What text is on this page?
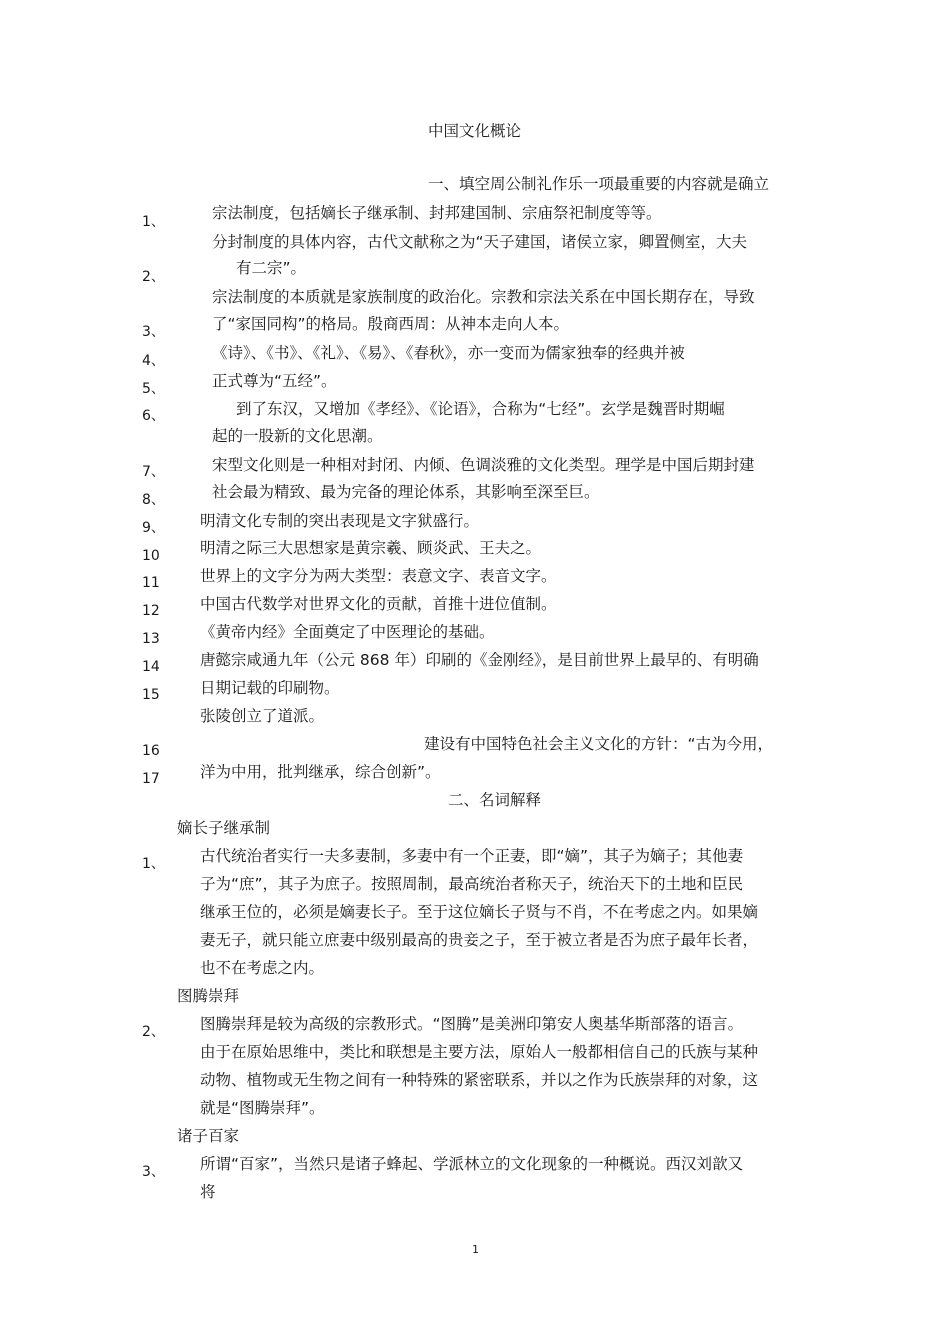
中国文化概论
一、填空周公制礼作乐一项最重要的内容就是确立
宗法制度，包括嫡长子继承制、封邦建国制、宗庙祭祀制度等等。
分封制度的具体内容，古代文献称之为“天子建国，诸侯立家，卿置侧室，大夫
有二宗”。
宗法制度的本质就是家族制度的政治化。宗教和宗法关系在中国长期存在，导致
了“家国同构”的格局。殷商西周：从神本走向人本。
《诗》、《书》、《礼》、《易》、《春秋》，亦一变而为儒家独奉的经典并被
正式尊为“五经”。
到了东汉，又增加《孝经》、《论语》，合称为“七经”。玄学是魏晋时期崛
起的一股新的文化思潮。
宋型文化则是一种相对封闭、内倾、色调淡雅的文化类型。理学是中国后期封建
社会最为精致、最为完备的理论体系，其影响至深至巨。
明清文化专制的突出表现是文字狱盛行。
明清之际三大思想家是黄宗羲、顾炎武、王夫之。
世界上的文字分为两大类型：表意文字、表音文字。
中国古代数学对世界文化的贡献，首推十进位值制。
《黄帝内经》全面奠定了中医理论的基础。
唐懿宗咸通九年（公元 868 年）印刷的《金刚经》，是目前世界上最早的、有明确
日期记载的印刷物。
张陵创立了道派。
建设有中国特色社会主义文化的方针：“古为今用，
洋为中用，批判继承，综合创新”。
1、
2、
3、
4、
5、
6、
7、
8、
9、
10
11
12
13
14
15
16
17
二、名词解释
嫡长子继承制
古代统治者实行一夫多妻制，多妻中有一个正妻，即“嫡”，其子为嫡子；其他妻
子为“庶”，其子为庶子。按照周制，最高统治者称天子，统治天下的土地和臣民
继承王位的，必须是嫡妻长子。至于这位嫡长子贤与不肖，不在考虑之内。如果嫡
妻无子，就只能立庶妻中级别最高的贵妾之子，至于被立者是否为庶子最年长者，
也不在考虑之内。
1、
图腾崇拜
图腾崇拜是较为高级的宗教形式。“图腾”是美洲印第安人奥基华斯部落的语言。
由于在原始思维中，类比和联想是主要方法，原始人一般都相信自己的氏族与某种
动物、植物或无生物之间有一种特殊的紧密联系，并以之作为氏族崇拜的对象，这
就是“图腾崇拜”。
2、
诸子百家
所谓“百家”，当然只是诸子蜂起、学派林立的文化现象的一种概说。西汉刘歆又
将
3、
1
